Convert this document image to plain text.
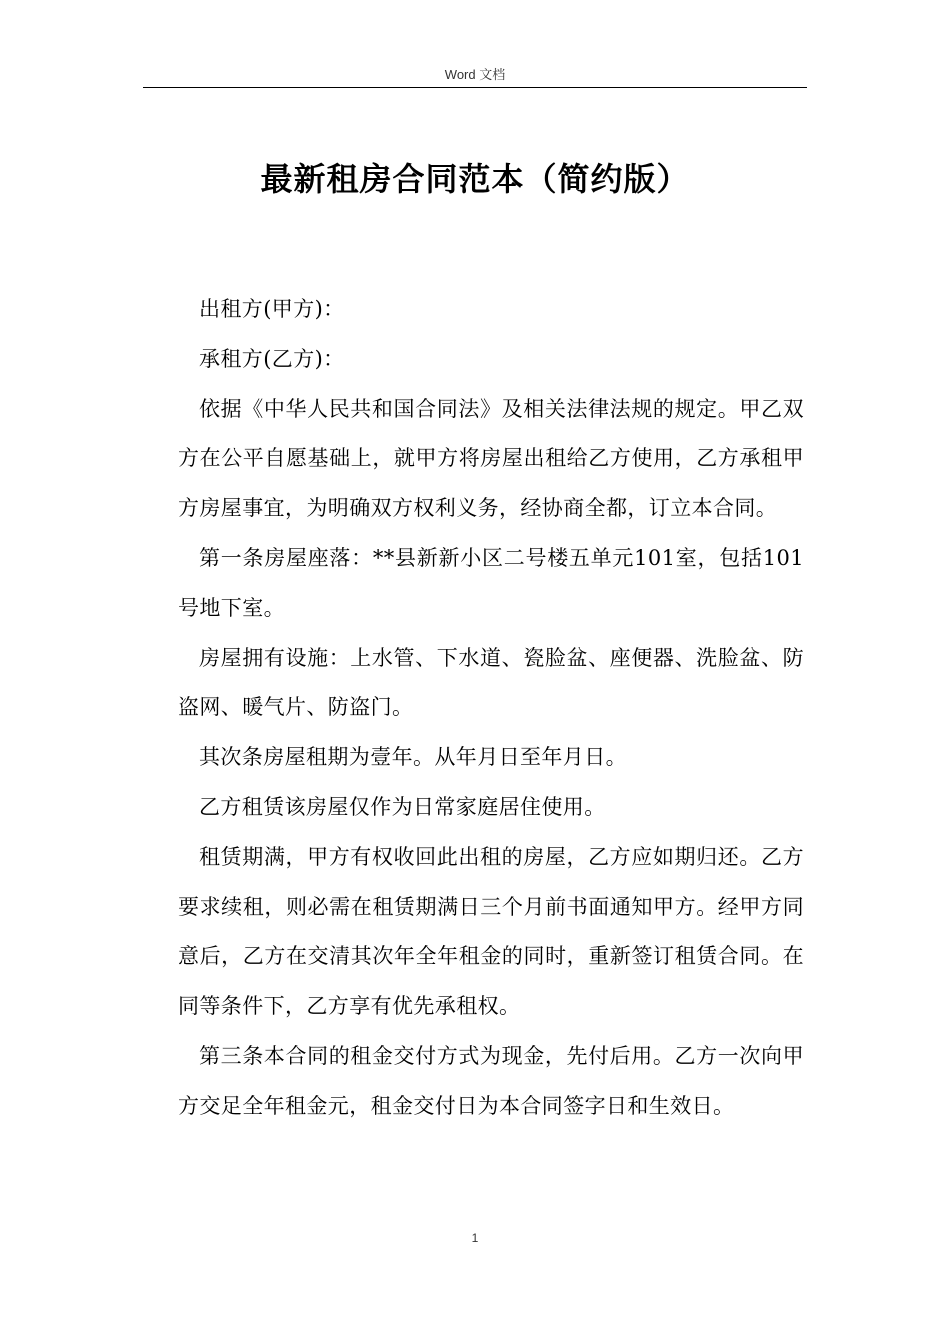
Word 文档
最新租房合同范本（简约版）

出租方(甲方)：

承租方(乙方)：

依据《中华人民共和国合同法》及相关法律法规的规定。甲乙双方在公平自愿基础上，就甲方将房屋出租给乙方使用，乙方承租甲方房屋事宜，为明确双方权利义务，经协商全都，订立本合同。

第一条房屋座落：**县新新小区二号楼五单元101室，包括101号地下室。

房屋拥有设施：上水管、下水道、瓷脸盆、座便器、洗脸盆、防盗网、暖气片、防盗门。

其次条房屋租期为壹年。从年月日至年月日。

乙方租赁该房屋仅作为日常家庭居住使用。

租赁期满，甲方有权收回此出租的房屋，乙方应如期归还。乙方要求续租，则必需在租赁期满日三个月前书面通知甲方。经甲方同意后，乙方在交清其次年全年租金的同时，重新签订租赁合同。在同等条件下，乙方享有优先承租权。

第三条本合同的租金交付方式为现金，先付后用。乙方一次向甲方交足全年租金元，租金交付日为本合同签字日和生效日。

1
